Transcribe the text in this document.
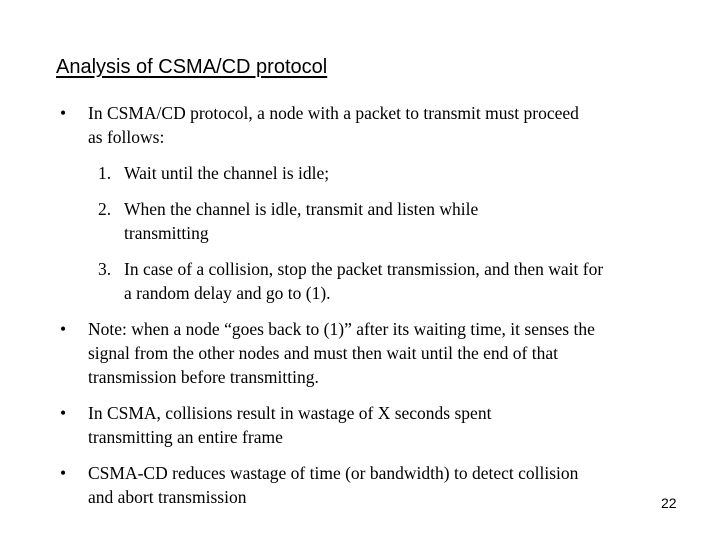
Analysis of CSMA/CD protocol
•	In CSMA/CD protocol, a node with a packet to transmit must proceed as follows:
1. Wait until the channel is idle;
2. When the channel is idle, transmit and listen while transmitting
3. In case of a collision, stop the packet transmission, and then wait for a random delay and go to (1).
•	Note: when a node “goes back to (1)” after its waiting time, it senses the signal from the other nodes and must then wait until the end of that transmission before transmitting.
•	In CSMA, collisions result in wastage of X seconds spent transmitting an entire frame
•	CSMA-CD reduces wastage of time (or bandwidth) to detect collision and abort transmission	22
